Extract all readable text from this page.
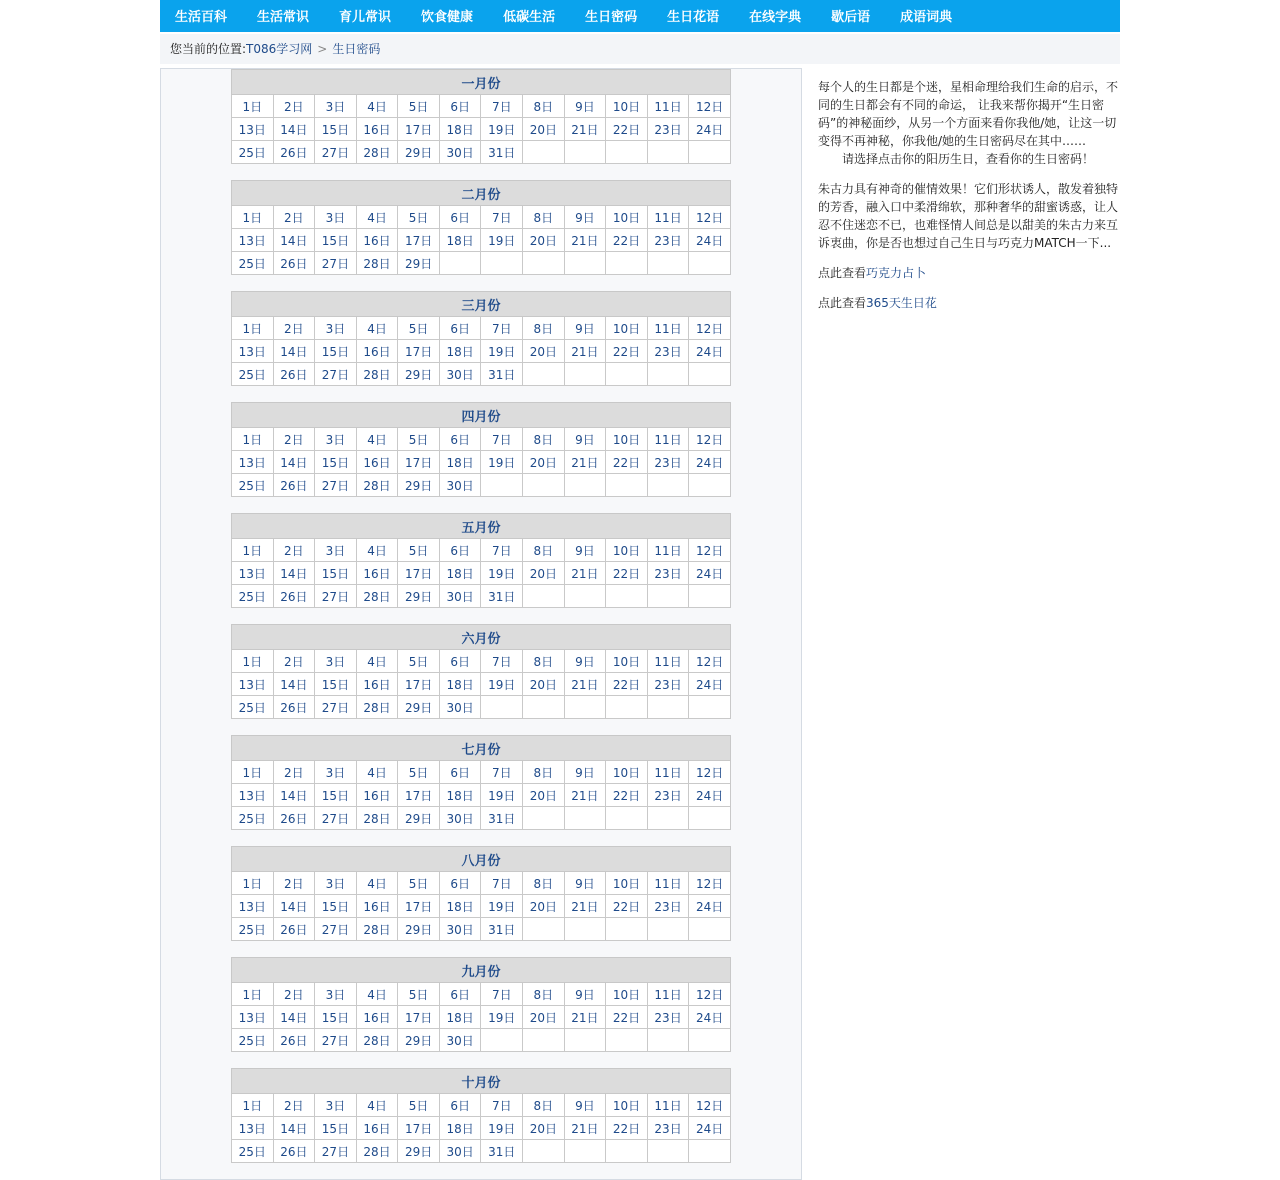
生活百科	生活常识	育儿常识	饮食健康	低碳生活	生日密码	生日花语	在线字典	歇后语	成语词典
您当前的位置:T086学习网 > 生日密码
一月份											
1日	2日	3日	4日	5日	6日	7日	8日	9日	10日	11日	12日
13日	14日	15日	16日	17日	18日	19日	20日	21日	22日	23日	24日
25日	26日	27日	28日	29日	30日	31日					
二月份											
1日	2日	3日	4日	5日	6日	7日	8日	9日	10日	11日	12日
13日	14日	15日	16日	17日	18日	19日	20日	21日	22日	23日	24日
25日	26日	27日	28日	29日							
三月份											
1日	2日	3日	4日	5日	6日	7日	8日	9日	10日	11日	12日
13日	14日	15日	16日	17日	18日	19日	20日	21日	22日	23日	24日
25日	26日	27日	28日	29日	30日	31日					
四月份											
1日	2日	3日	4日	5日	6日	7日	8日	9日	10日	11日	12日
13日	14日	15日	16日	17日	18日	19日	20日	21日	22日	23日	24日
25日	26日	27日	28日	29日	30日						
五月份											
1日	2日	3日	4日	5日	6日	7日	8日	9日	10日	11日	12日
13日	14日	15日	16日	17日	18日	19日	20日	21日	22日	23日	24日
25日	26日	27日	28日	29日	30日	31日					
六月份											
1日	2日	3日	4日	5日	6日	7日	8日	9日	10日	11日	12日
13日	14日	15日	16日	17日	18日	19日	20日	21日	22日	23日	24日
25日	26日	27日	28日	29日	30日						
七月份											
1日	2日	3日	4日	5日	6日	7日	8日	9日	10日	11日	12日
13日	14日	15日	16日	17日	18日	19日	20日	21日	22日	23日	24日
25日	26日	27日	28日	29日	30日	31日					
八月份											
1日	2日	3日	4日	5日	6日	7日	8日	9日	10日	11日	12日
13日	14日	15日	16日	17日	18日	19日	20日	21日	22日	23日	24日
25日	26日	27日	28日	29日	30日	31日					
九月份											
1日	2日	3日	4日	5日	6日	7日	8日	9日	10日	11日	12日
13日	14日	15日	16日	17日	18日	19日	20日	21日	22日	23日	24日
25日	26日	27日	28日	29日	30日						
十月份											
1日	2日	3日	4日	5日	6日	7日	8日	9日	10日	11日	12日
13日	14日	15日	16日	17日	18日	19日	20日	21日	22日	23日	24日
25日	26日	27日	28日	29日	30日	31日					

每个人的生日都是个迷，星相命理给我们生命的启示，不同的生日都会有不同的命运， 让我来帮你揭开“生日密码”的神秘面纱，从另一个方面来看你我他/她，让这一切变得不再神秘，你我他/她的生日密码尽在其中……
请选择点击你的阳历生日，查看你的生日密码！

朱古力具有神奇的催情效果！它们形状诱人，散发着独特的芳香，融入口中柔滑绵软，那种奢华的甜蜜诱惑，让人忍不住迷恋不已，也难怪情人间总是以甜美的朱古力来互诉衷曲，你是否也想过自己生日与巧克力MATCH一下...

点此查看巧克力占卜

点此查看365天生日花
